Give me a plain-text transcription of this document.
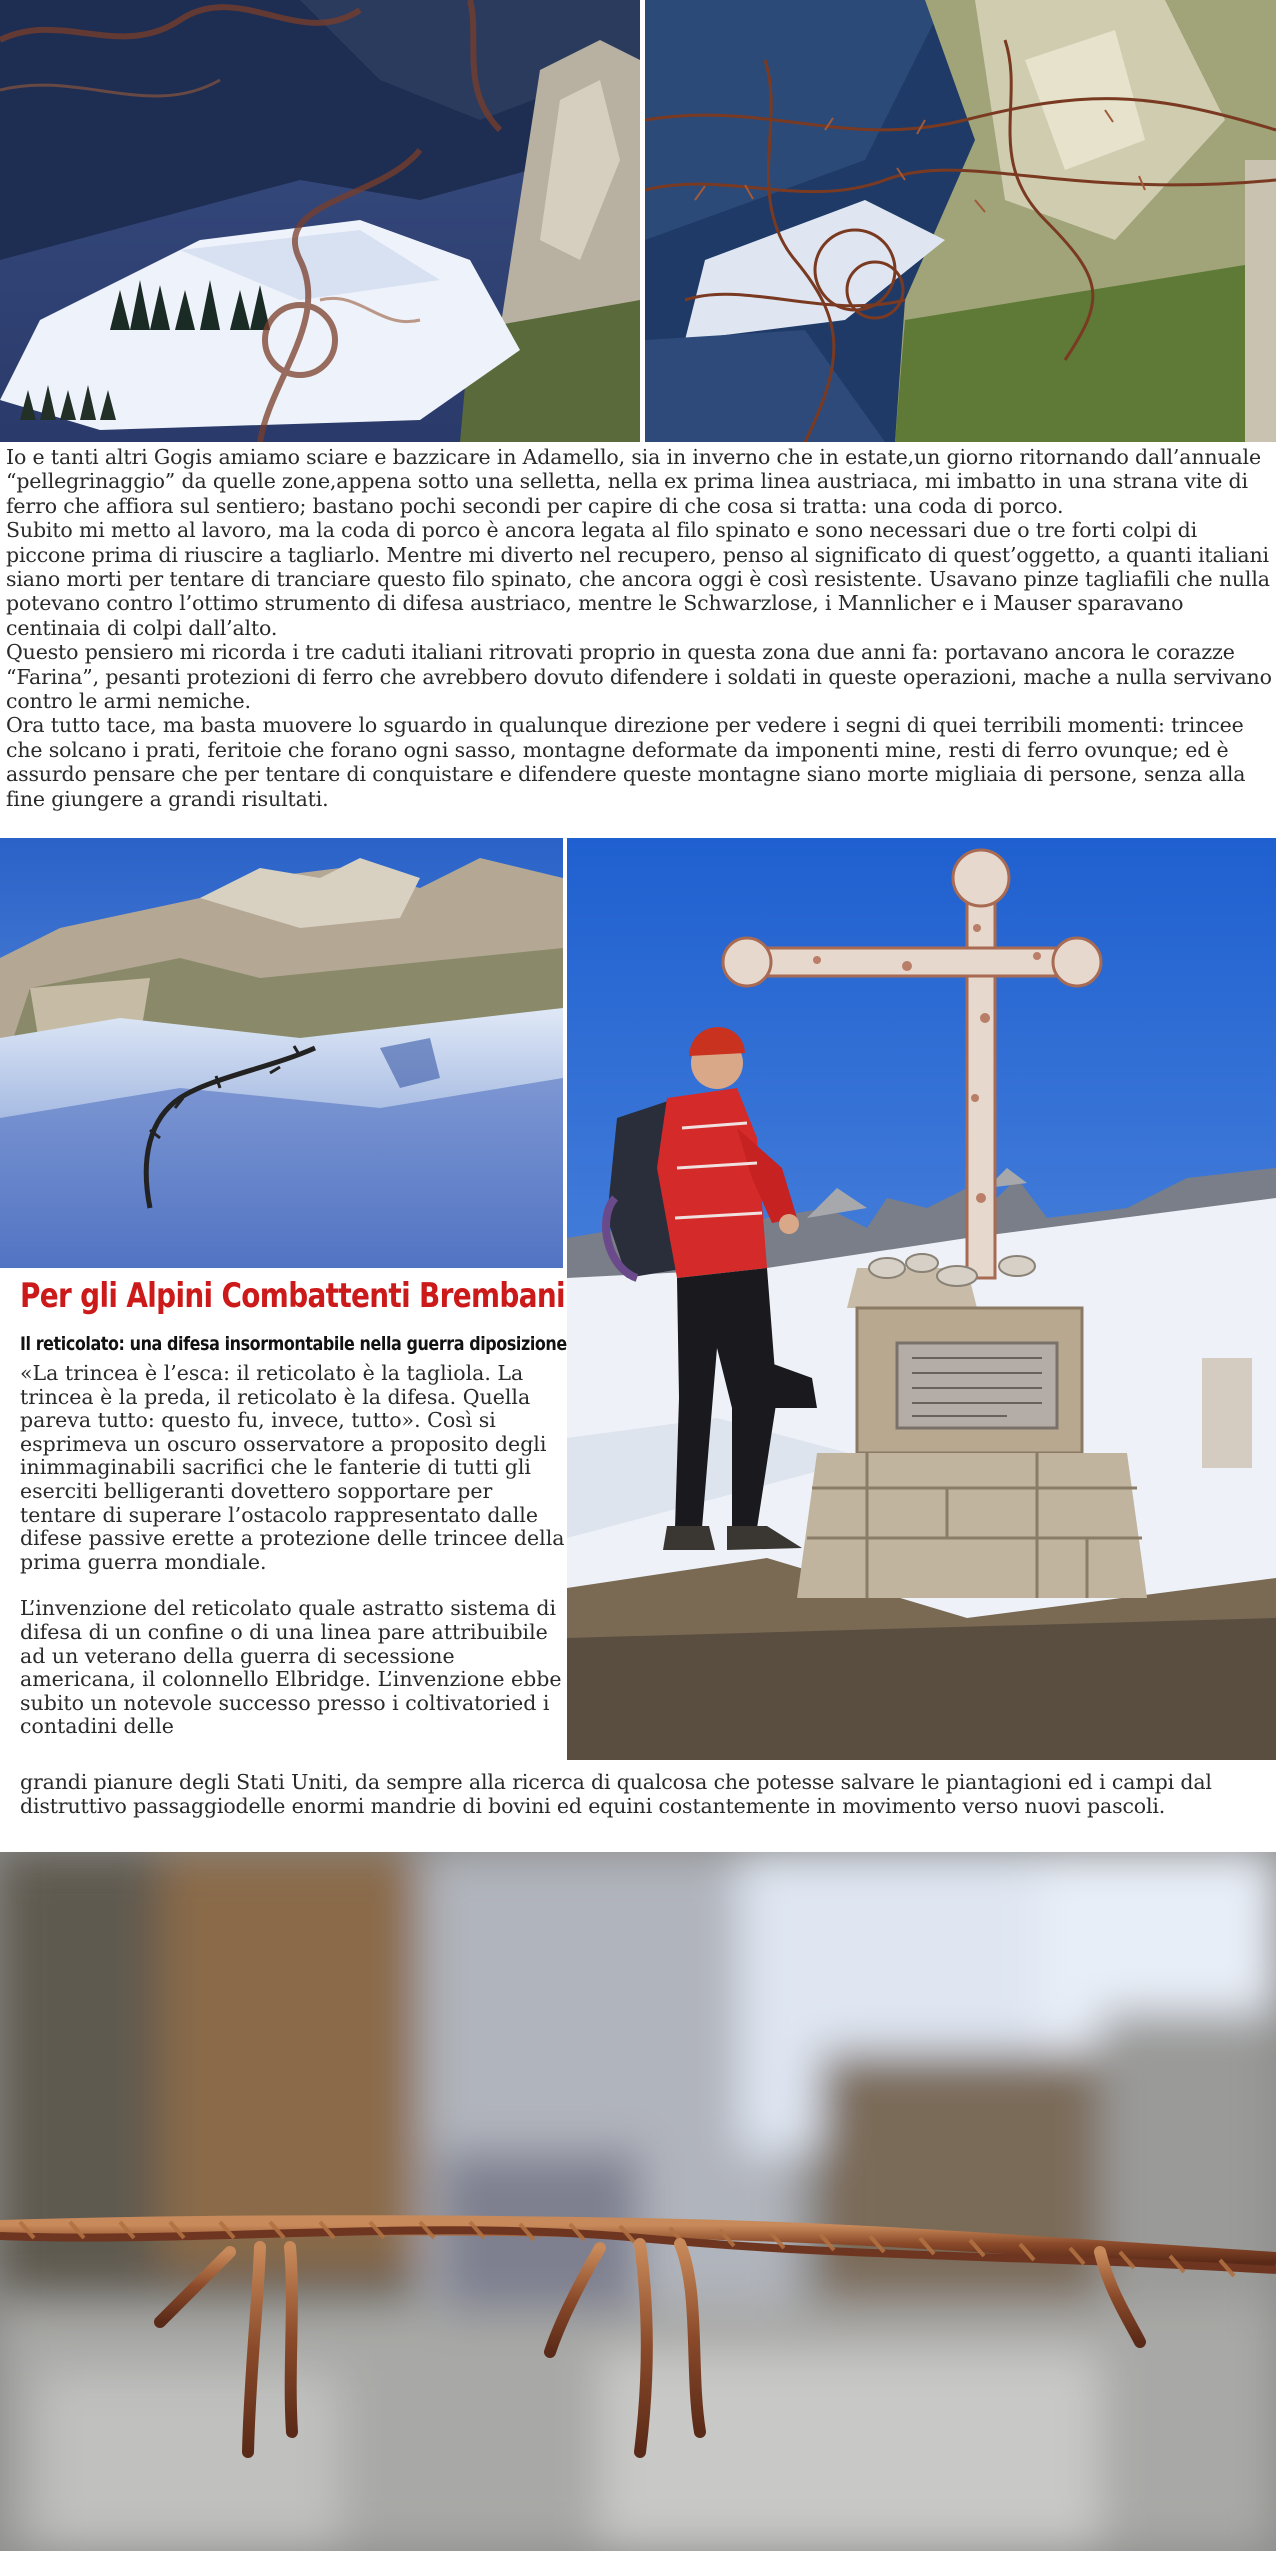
Io e tanti altri Gogis amiamo sciare e bazzicare in Adamello, sia in inverno che in estate,un giorno ritornando dall’annuale “pellegrinaggio” da quelle zone,appena sotto una selletta, nella ex prima linea austriaca, mi imbatto in una strana vite di ferro che affiora sul sentiero; bastano pochi secondi per capire di che cosa si tratta: una coda di porco.

Subito mi metto al lavoro, ma la coda di porco è ancora legata al filo spinato e sono necessari due o tre forti colpi di piccone prima di riuscire a tagliarlo. Mentre mi diverto nel recupero, penso al significato di quest’oggetto, a quanti italiani siano morti per tentare di tranciare questo filo spinato, che ancora oggi è così resistente. Usavano pinze tagliafili che nulla potevano contro l’ottimo strumento di difesa austriaco, mentre le Schwarzlose, i Mannlicher e i Mauser sparavano centinaia di colpi dall’alto.

Questo pensiero mi ricorda i tre caduti italiani ritrovati proprio in questa zona due anni fa: portavano ancora le corazze “Farina”, pesanti protezioni di ferro che avrebbero dovuto difendere i soldati in queste operazioni, mache a nulla servivano contro le armi nemiche.

Ora tutto tace, ma basta muovere lo sguardo in qualunque direzione per vedere i segni di quei terribili momenti: trincee che solcano i prati, feritoie che forano ogni sasso, montagne deformate da imponenti mine, resti di ferro ovunque; ed è assurdo pensare che per tentare di conquistare e difendere queste montagne siano morte migliaia di persone, senza alla fine giungere a grandi risultati.

Per gli Alpini Combattenti Brembani
Il reticolato: una difesa insormontabile nella guerra diposizione

«La trincea è l’esca: il reticolato è la tagliola. La trincea è la preda, il reticolato è la difesa. Quella pareva tutto: questo fu, invece, tutto». Così si esprimeva un oscuro osservatore a proposito degli inimmaginabili sacrifici che le fanterie di tutti gli eserciti belligeranti dovettero sopportare per tentare di superare l’ostacolo rappresentato dalle difese passive erette a protezione delle trincee della prima guerra mondiale.

L’invenzione del reticolato quale astratto sistema di difesa di un confine o di una linea pare attribuibile ad un veterano della guerra di secessione americana, il colonnello Elbridge. L’invenzione ebbe subito un notevole successo presso i coltivatoried i contadini delle

grandi pianure degli Stati Uniti, da sempre alla ricerca di qualcosa che potesse salvare le piantagioni ed i campi dal distruttivo passaggiodelle enormi mandrie di bovini ed equini costantemente in movimento verso nuovi pascoli.
